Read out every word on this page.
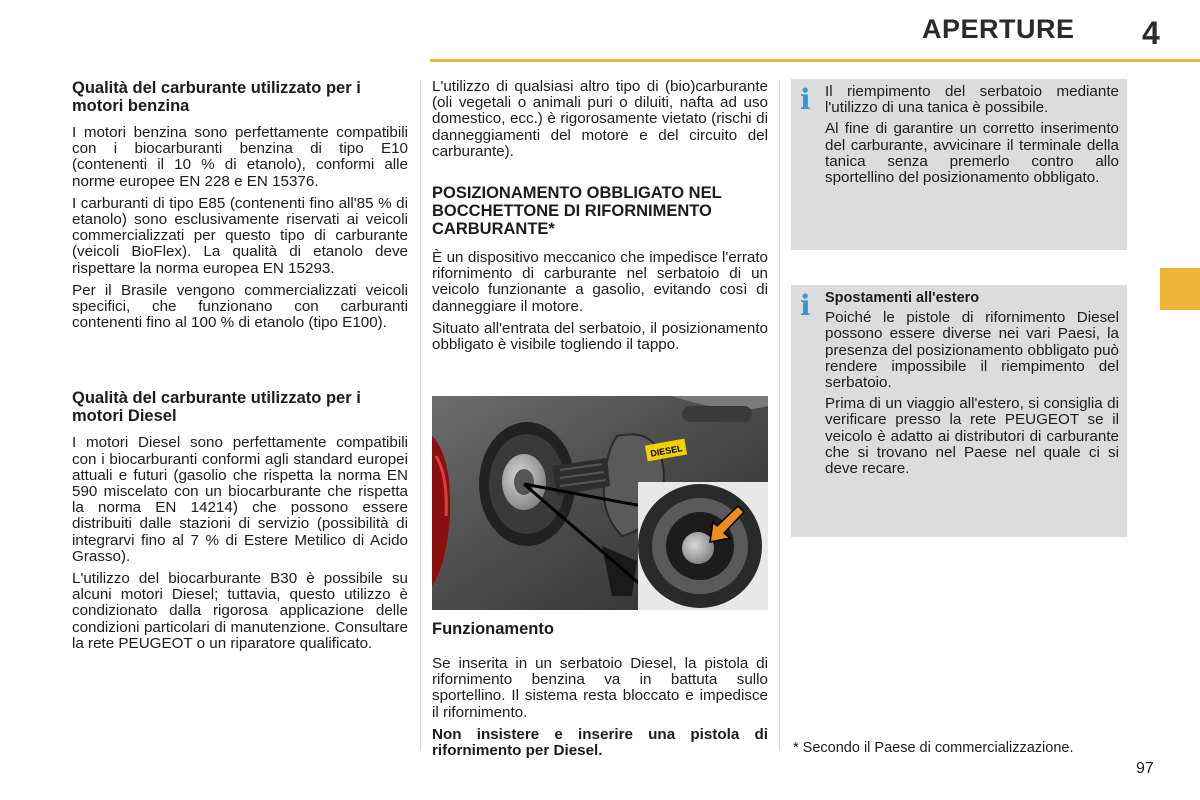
APERTURE 4
Qualità del carburante utilizzato per i motori benzina

I motori benzina sono perfettamente compatibili con i biocarburanti benzina di tipo E10 (contenenti il 10 % di etanolo), conformi alle norme europee EN 228 e EN 15376.

I carburanti di tipo E85 (contenenti fino all'85 % di etanolo) sono esclusivamente riservati ai veicoli commercializzati per questo tipo di carburante (veicoli BioFlex). La qualità di etanolo deve rispettare la norma europea EN 15293.

Per il Brasile vengono commercializzati veicoli specifici, che funzionano con carburanti contenenti fino al 100 % di etanolo (tipo E100).

Qualità del carburante utilizzato per i motori Diesel

I motori Diesel sono perfettamente compatibili con i biocarburanti conformi agli standard europei attuali e futuri (gasolio che rispetta la norma EN 590 miscelato con un biocarburante che rispetta la norma EN 14214) che possono essere distribuiti dalle stazioni di servizio (possibilità di integrarvi fino al 7 % di Estere Metilico di Acido Grasso).

L'utilizzo del biocarburante B30 è possibile su alcuni motori Diesel; tuttavia, questo utilizzo è condizionato dalla rigorosa applicazione delle condizioni particolari di manutenzione. Consultare la rete PEUGEOT o un riparatore qualificato.

L'utilizzo di qualsiasi altro tipo di (bio)carburante (oli vegetali o animali puri o diluiti, nafta ad uso domestico, ecc.) è rigorosamente vietato (rischi di danneggiamenti del motore e del circuito del carburante).

POSIZIONAMENTO OBBLIGATO NEL BOCCHETTONE DI RIFORNIMENTO CARBURANTE*

È un dispositivo meccanico che impedisce l'errato rifornimento di carburante nel serbatoio di un veicolo funzionante a gasolio, evitando così di danneggiare il motore.

Situato all'entrata del serbatoio, il posizionamento obbligato è visibile togliendo il tappo.

DIESEL
Funzionamento

Se inserita in un serbatoio Diesel, la pistola di rifornimento benzina va in battuta sullo sportellino. Il sistema resta bloccato e impedisce il rifornimento.

Non insistere e inserire una pistola di rifornimento per Diesel.

i Il riempimento del serbatoio mediante l'utilizzo di una tanica è possibile.

Al fine di garantire un corretto inserimento del carburante, avvicinare il terminale della tanica senza premerlo contro allo sportellino del posizionamento obbligato.

i Spostamenti all'estero

Poiché le pistole di rifornimento Diesel possono essere diverse nei vari Paesi, la presenza del posizionamento obbligato può rendere impossibile il riempimento del serbatoio.

Prima di un viaggio all'estero, si consiglia di verificare presso la rete PEUGEOT se il veicolo è adatto ai distributori di carburante che si trovano nel Paese nel quale ci si deve recare.

* Secondo il Paese di commercializzazione.
97
